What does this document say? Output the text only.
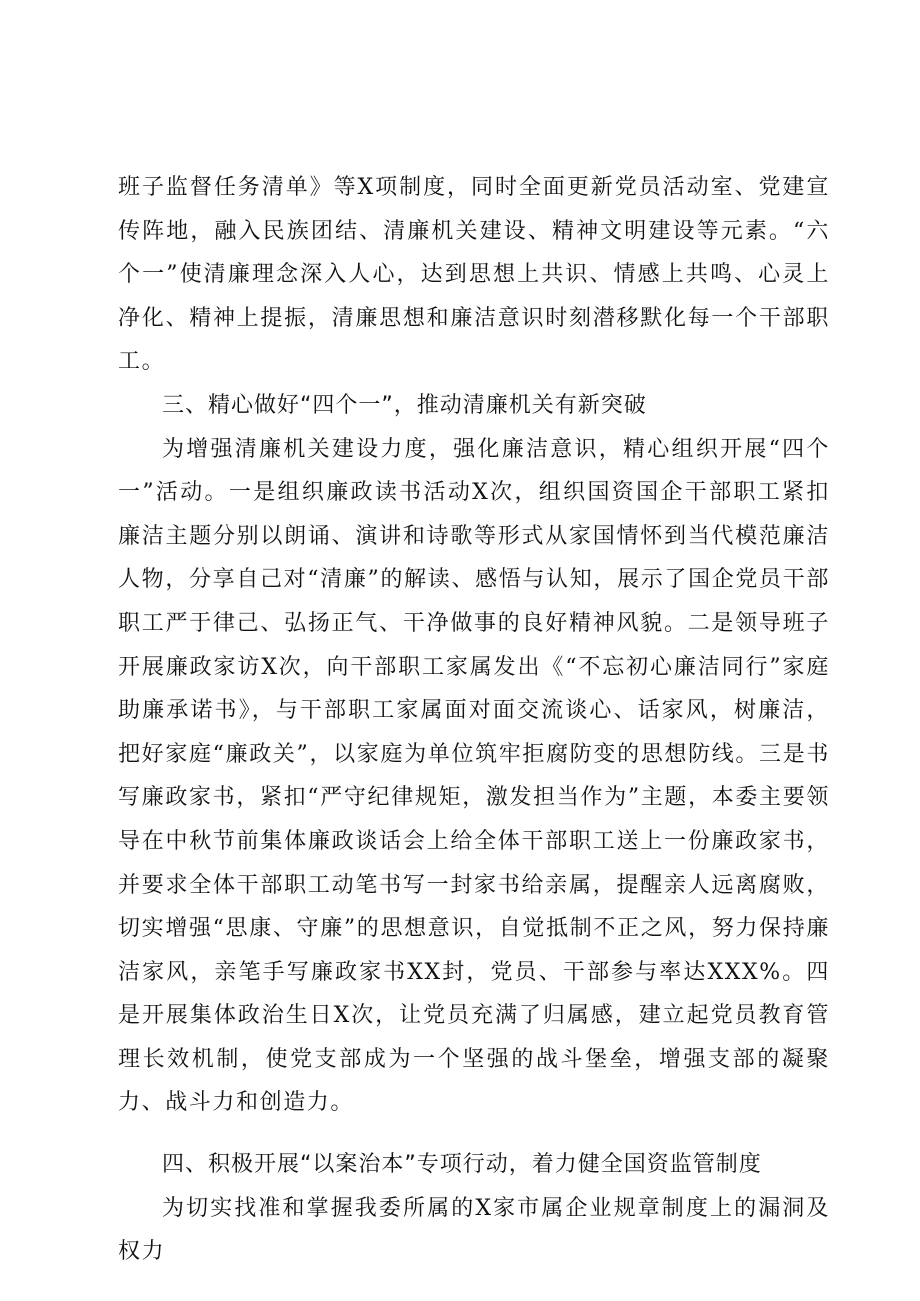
班子监督任务清单》等X项制度，同时全面更新党员活动室、党建宣传阵地，融入民族团结、清廉机关建设、精神文明建设等元素。“六个一”使清廉理念深入人心，达到思想上共识、情感上共鸣、心灵上净化、精神上提振，清廉思想和廉洁意识时刻潜移默化每一个干部职工。

三、精心做好“四个一”，推动清廉机关有新突破

为增强清廉机关建设力度，强化廉洁意识，精心组织开展“四个一”活动。一是组织廉政读书活动X次，组织国资国企干部职工紧扣廉洁主题分别以朗诵、演讲和诗歌等形式从家国情怀到当代模范廉洁人物，分享自己对“清廉”的解读、感悟与认知，展示了国企党员干部职工严于律己、弘扬正气、干净做事的良好精神风貌。二是领导班子开展廉政家访X次，向干部职工家属发出《“不忘初心廉洁同行”家庭助廉承诺书》，与干部职工家属面对面交流谈心、话家风，树廉洁，把好家庭“廉政关”，以家庭为单位筑牢拒腐防变的思想防线。三是书写廉政家书，紧扣“严守纪律规矩，激发担当作为”主题，本委主要领导在中秋节前集体廉政谈话会上给全体干部职工送上一份廉政家书，并要求全体干部职工动笔书写一封家书给亲属，提醒亲人远离腐败，切实增强“思康、守廉”的思想意识，自觉抵制不正之风，努力保持廉洁家风，亲笔手写廉政家书XX封，党员、干部参与率达XXX%。四是开展集体政治生日X次，让党员充满了归属感，建立起党员教育管理长效机制，使党支部成为一个坚强的战斗堡垒，增强支部的凝聚力、战斗力和创造力。

四、积极开展“以案治本”专项行动，着力健全国资监管制度

为切实找准和掌握我委所属的X家市属企业规章制度上的漏洞及权力
